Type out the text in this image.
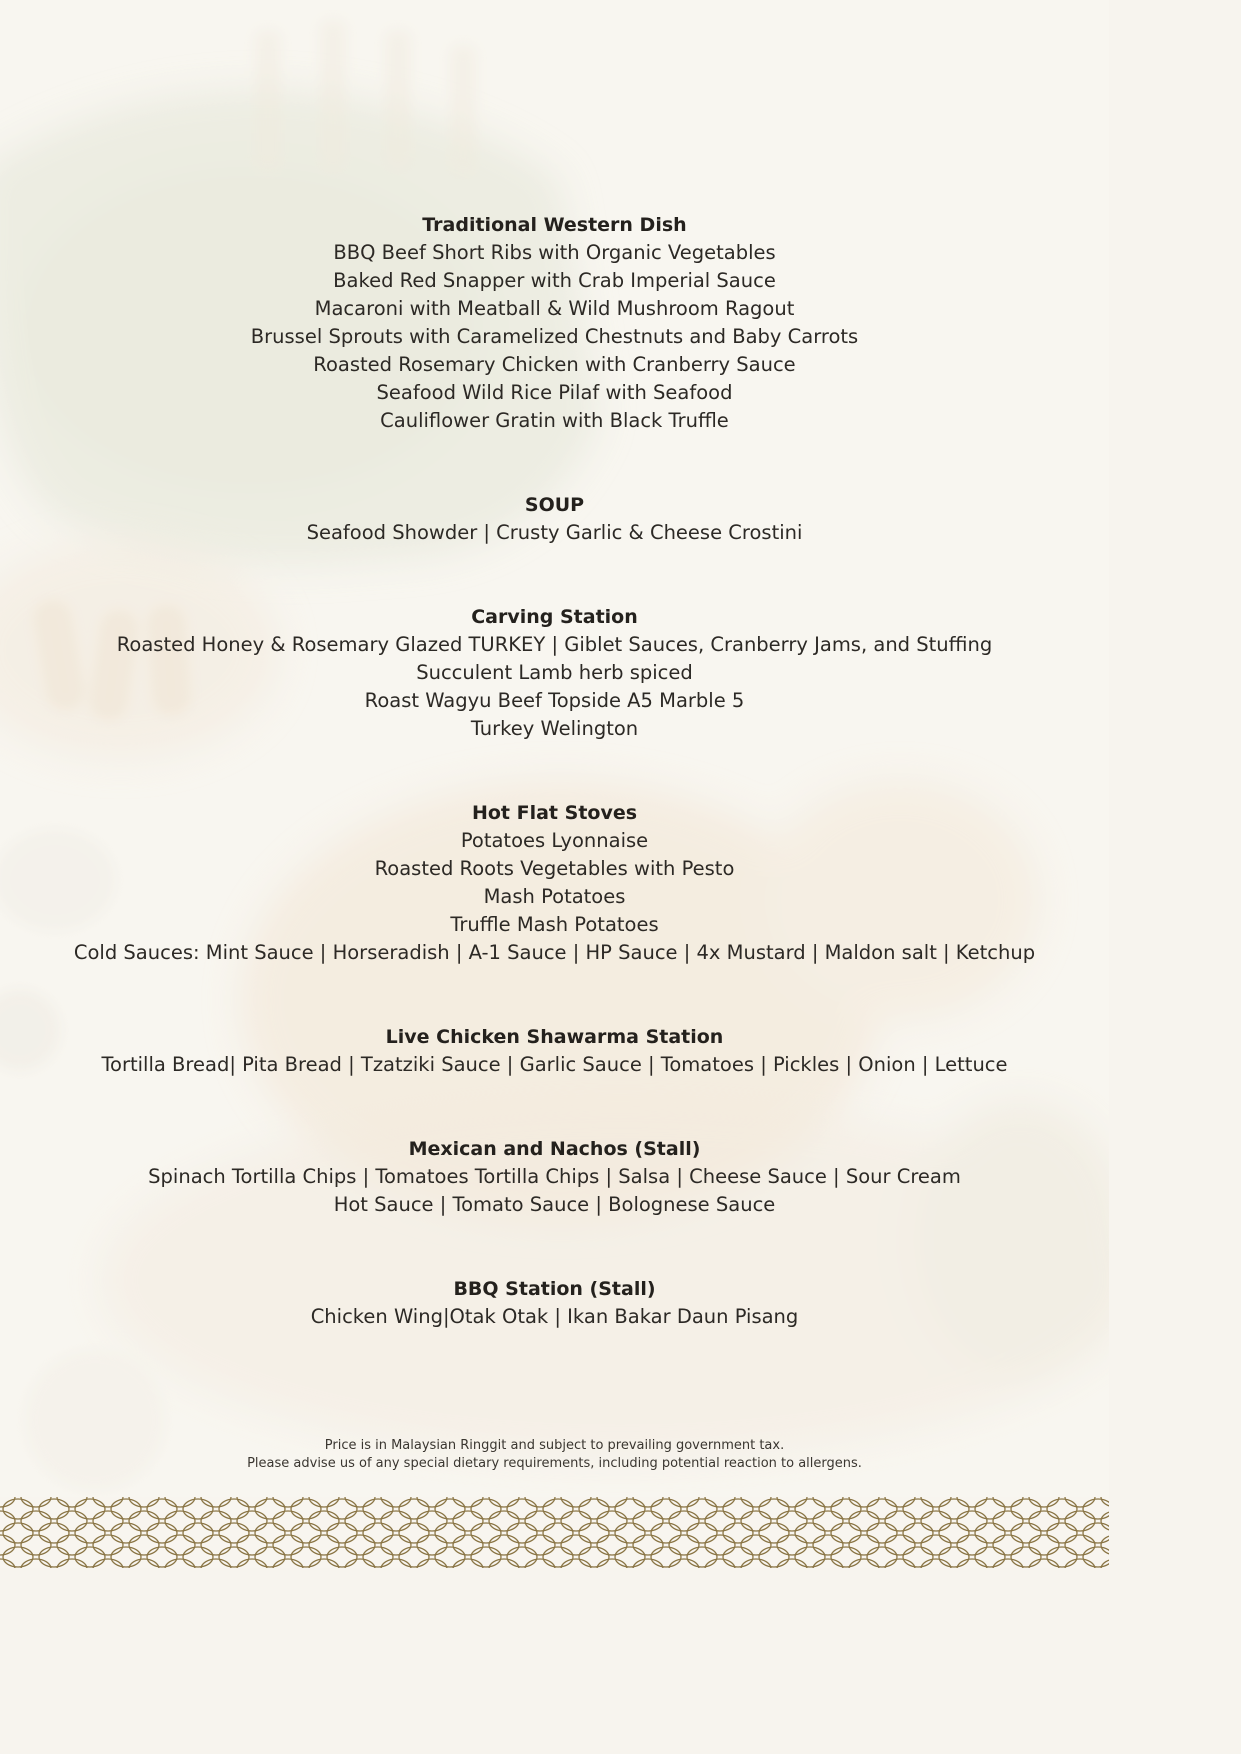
Traditional Western Dish
BBQ Beef Short Ribs with Organic Vegetables
Baked Red Snapper with Crab Imperial Sauce
Macaroni with Meatball & Wild Mushroom Ragout
Brussel Sprouts with Caramelized Chestnuts and Baby Carrots
Roasted Rosemary Chicken with Cranberry Sauce
Seafood Wild Rice Pilaf with Seafood
Cauliflower Gratin with Black Truffle
SOUP
Seafood Showder | Crusty Garlic & Cheese Crostini
Carving Station
Roasted Honey & Rosemary Glazed TURKEY | Giblet Sauces, Cranberry Jams, and Stuffing
Succulent Lamb herb spiced
Roast Wagyu Beef Topside A5 Marble 5
Turkey Welington
Hot Flat Stoves
Potatoes Lyonnaise
Roasted Roots Vegetables with Pesto
Mash Potatoes
Truffle Mash Potatoes
Cold Sauces: Mint Sauce | Horseradish | A-1 Sauce | HP Sauce | 4x Mustard | Maldon salt | Ketchup
Live Chicken Shawarma Station
Tortilla Bread| Pita Bread | Tzatziki Sauce | Garlic Sauce | Tomatoes | Pickles | Onion | Lettuce
Mexican and Nachos (Stall)
Spinach Tortilla Chips | Tomatoes Tortilla Chips | Salsa | Cheese Sauce | Sour Cream
Hot Sauce | Tomato Sauce | Bolognese Sauce
BBQ Station (Stall)
Chicken Wing|Otak Otak | Ikan Bakar Daun Pisang
Price is in Malaysian Ringgit and subject to prevailing government tax.
Please advise us of any special dietary requirements, including potential reaction to allergens.
